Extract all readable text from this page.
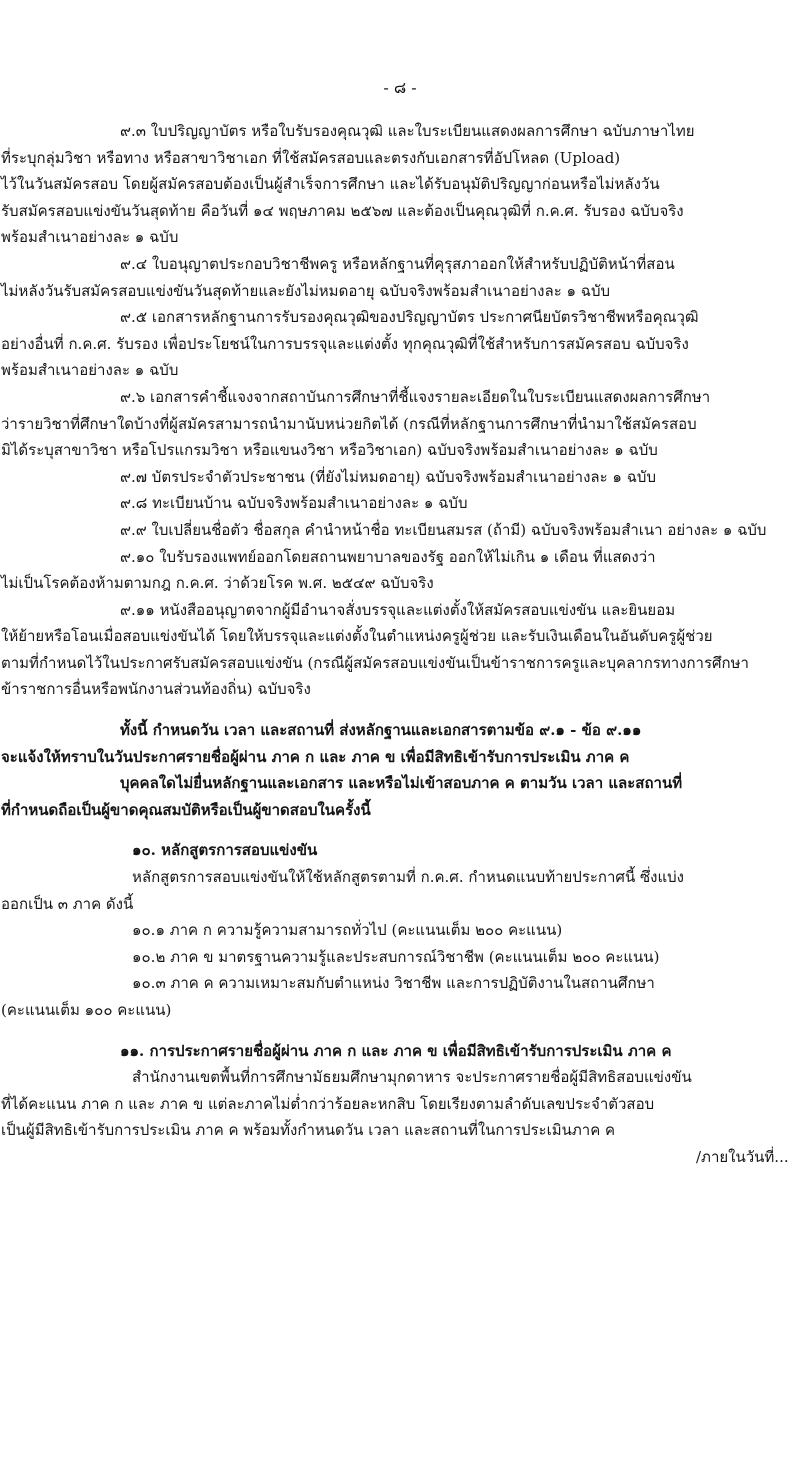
- ๘ -
๙.๓ ใบปริญญาบัตร หรือใบรับรองคุณวุฒิ และใบระเบียนแสดงผลการศึกษา ฉบับภาษาไทย
ที่ระบุกลุ่มวิชา หรือทาง หรือสาขาวิชาเอก ที่ใช้สมัครสอบและตรงกับเอกสารที่อัปโหลด (Upload)
ไว้ในวันสมัครสอบ โดยผู้สมัครสอบต้องเป็นผู้สำเร็จการศึกษา และได้รับอนุมัติปริญญาก่อนหรือไม่หลังวัน
รับสมัครสอบแข่งขันวันสุดท้าย คือวันที่ ๑๔ พฤษภาคม ๒๕๖๗ และต้องเป็นคุณวุฒิที่ ก.ค.ศ. รับรอง ฉบับจริง
พร้อมสำเนาอย่างละ ๑ ฉบับ
๙.๔ ใบอนุญาตประกอบวิชาชีพครู หรือหลักฐานที่คุรุสภาออกให้สำหรับปฏิบัติหน้าที่สอน
ไม่หลังวันรับสมัครสอบแข่งขันวันสุดท้ายและยังไม่หมดอายุ ฉบับจริงพร้อมสำเนาอย่างละ ๑ ฉบับ
๙.๕ เอกสารหลักฐานการรับรองคุณวุฒิของปริญญาบัตร ประกาศนียบัตรวิชาชีพหรือคุณวุฒิ
อย่างอื่นที่ ก.ค.ศ. รับรอง เพื่อประโยชน์ในการบรรจุและแต่งตั้ง ทุกคุณวุฒิที่ใช้สำหรับการสมัครสอบ ฉบับจริง
พร้อมสำเนาอย่างละ ๑ ฉบับ
๙.๖ เอกสารคำชี้แจงจากสถาบันการศึกษาที่ชี้แจงรายละเอียดในใบระเบียนแสดงผลการศึกษา
ว่ารายวิชาที่ศึกษาใดบ้างที่ผู้สมัครสามารถนำมานับหน่วยกิตได้ (กรณีที่หลักฐานการศึกษาที่นำมาใช้สมัครสอบ
มิได้ระบุสาขาวิชา หรือโปรแกรมวิชา หรือแขนงวิชา หรือวิชาเอก) ฉบับจริงพร้อมสำเนาอย่างละ ๑ ฉบับ
๙.๗ บัตรประจำตัวประชาชน (ที่ยังไม่หมดอายุ) ฉบับจริงพร้อมสำเนาอย่างละ ๑ ฉบับ
๙.๘ ทะเบียนบ้าน ฉบับจริงพร้อมสำเนาอย่างละ ๑ ฉบับ
๙.๙ ใบเปลี่ยนชื่อตัว ชื่อสกุล คำนำหน้าชื่อ ทะเบียนสมรส (ถ้ามี) ฉบับจริงพร้อมสำเนา อย่างละ ๑ ฉบับ
๙.๑๐ ใบรับรองแพทย์ออกโดยสถานพยาบาลของรัฐ ออกให้ไม่เกิน ๑ เดือน ที่แสดงว่า
ไม่เป็นโรคต้องห้ามตามกฎ ก.ค.ศ. ว่าด้วยโรค พ.ศ. ๒๕๔๙ ฉบับจริง
๙.๑๑ หนังสืออนุญาตจากผู้มีอำนาจสั่งบรรจุและแต่งตั้งให้สมัครสอบแข่งขัน และยินยอม
ให้ย้ายหรือโอนเมื่อสอบแข่งขันได้ โดยให้บรรจุและแต่งตั้งในตำแหน่งครูผู้ช่วย และรับเงินเดือนในอันดับครูผู้ช่วย
ตามที่กำหนดไว้ในประกาศรับสมัครสอบแข่งขัน (กรณีผู้สมัครสอบแข่งขันเป็นข้าราชการครูและบุคลากรทางการศึกษา
ข้าราชการอื่นหรือพนักงานส่วนท้องถิ่น) ฉบับจริง
ทั้งนี้ กำหนดวัน เวลา และสถานที่ ส่งหลักฐานและเอกสารตามข้อ ๙.๑ - ข้อ ๙.๑๑
จะแจ้งให้ทราบในวันประกาศรายชื่อผู้ผ่าน ภาค ก และ ภาค ข เพื่อมีสิทธิเข้ารับการประเมิน ภาค ค
บุคคลใดไม่ยื่นหลักฐานและเอกสาร และหรือไม่เข้าสอบภาค ค ตามวัน เวลา และสถานที่
ที่กำหนดถือเป็นผู้ขาดคุณสมบัติหรือเป็นผู้ขาดสอบในครั้งนี้
๑๐. หลักสูตรการสอบแข่งขัน
หลักสูตรการสอบแข่งขันให้ใช้หลักสูตรตามที่ ก.ค.ศ. กำหนดแนบท้ายประกาศนี้ ซึ่งแบ่ง
ออกเป็น ๓ ภาค ดังนี้
๑๐.๑ ภาค ก ความรู้ความสามารถทั่วไป (คะแนนเต็ม ๒๐๐ คะแนน)
๑๐.๒ ภาค ข มาตรฐานความรู้และประสบการณ์วิชาชีพ (คะแนนเต็ม ๒๐๐ คะแนน)
๑๐.๓ ภาค ค ความเหมาะสมกับตำแหน่ง วิชาชีพ และการปฏิบัติงานในสถานศึกษา
(คะแนนเต็ม ๑๐๐ คะแนน)
๑๑. การประกาศรายชื่อผู้ผ่าน ภาค ก และ ภาค ข เพื่อมีสิทธิเข้ารับการประเมิน ภาค ค
สำนักงานเขตพื้นที่การศึกษามัธยมศึกษามุกดาหาร จะประกาศรายชื่อผู้มีสิทธิสอบแข่งขัน
ที่ได้คะแนน ภาค ก และ ภาค ข แต่ละภาคไม่ต่ำกว่าร้อยละหกสิบ โดยเรียงตามลำดับเลขประจำตัวสอบ
เป็นผู้มีสิทธิเข้ารับการประเมิน ภาค ค พร้อมทั้งกำหนดวัน เวลา และสถานที่ในการประเมินภาค ค
/ภายในวันที่...
